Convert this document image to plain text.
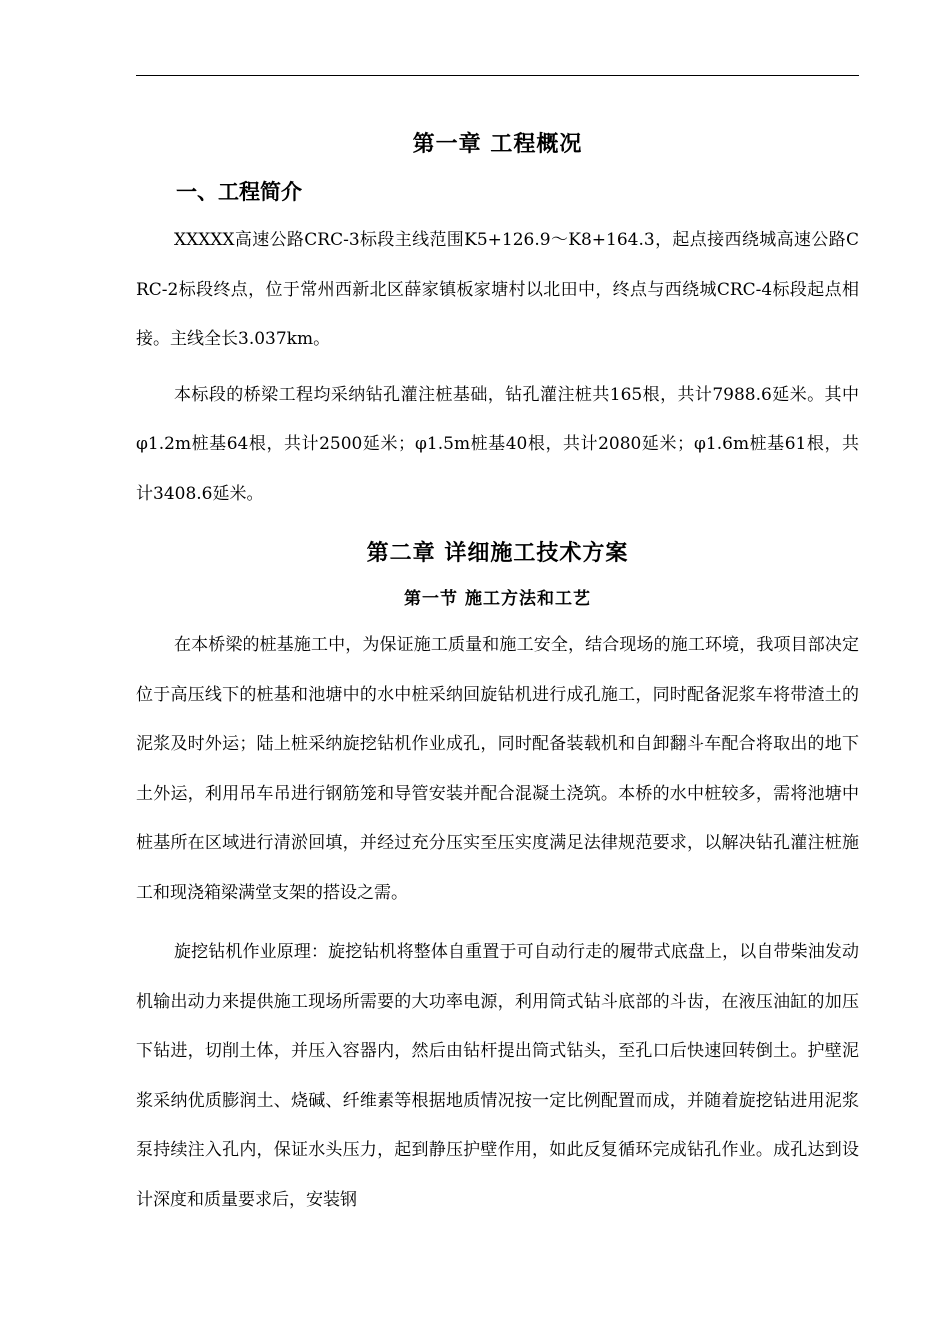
第一章 工程概况
一、工程简介

XXXXX高速公路CRC-3标段主线范围K5+126.9～K8+164.3，起点接西绕城高速公路CRC-2标段终点，位于常州西新北区薛家镇板家塘村以北田中，终点与西绕城CRC-4标段起点相接。主线全长3.037km。

本标段的桥梁工程均采纳钻孔灌注桩基础，钻孔灌注桩共165根，共计7988.6延米。其中 φ1.2m桩基64根，共计2500延米；φ1.5m桩基40根，共计2080延米；φ1.6m桩基61根，共计3408.6延米。

第二章 详细施工技术方案
第一节 施工方法和工艺

在本桥梁的桩基施工中，为保证施工质量和施工安全，结合现场的施工环境，我项目部决定位于高压线下的桩基和池塘中的水中桩采纳回旋钻机进行成孔施工，同时配备泥浆车将带渣土的泥浆及时外运；陆上桩采纳旋挖钻机作业成孔，同时配备装载机和自卸翻斗车配合将取出的地下土外运，利用吊车吊进行钢筋笼和导管安装并配合混凝土浇筑。本桥的水中桩较多，需将池塘中桩基所在区域进行清淤回填，并经过充分压实至压实度满足法律规范要求，以解决钻孔灌注桩施工和现浇箱梁满堂支架的搭设之需。

旋挖钻机作业原理：旋挖钻机将整体自重置于可自动行走的履带式底盘上，以自带柴油发动机输出动力来提供施工现场所需要的大功率电源，利用筒式钻斗底部的斗齿，在液压油缸的加压下钻进，切削土体，并压入容器内，然后由钻杆提出筒式钻头，至孔口后快速回转倒土。护壁泥浆采纳优质膨润土、烧碱、纤维素等根据地质情况按一定比例配置而成，并随着旋挖钻进用泥浆泵持续注入孔内，保证水头压力，起到静压护壁作用，如此反复循环完成钻孔作业。成孔达到设计深度和质量要求后，安装钢
